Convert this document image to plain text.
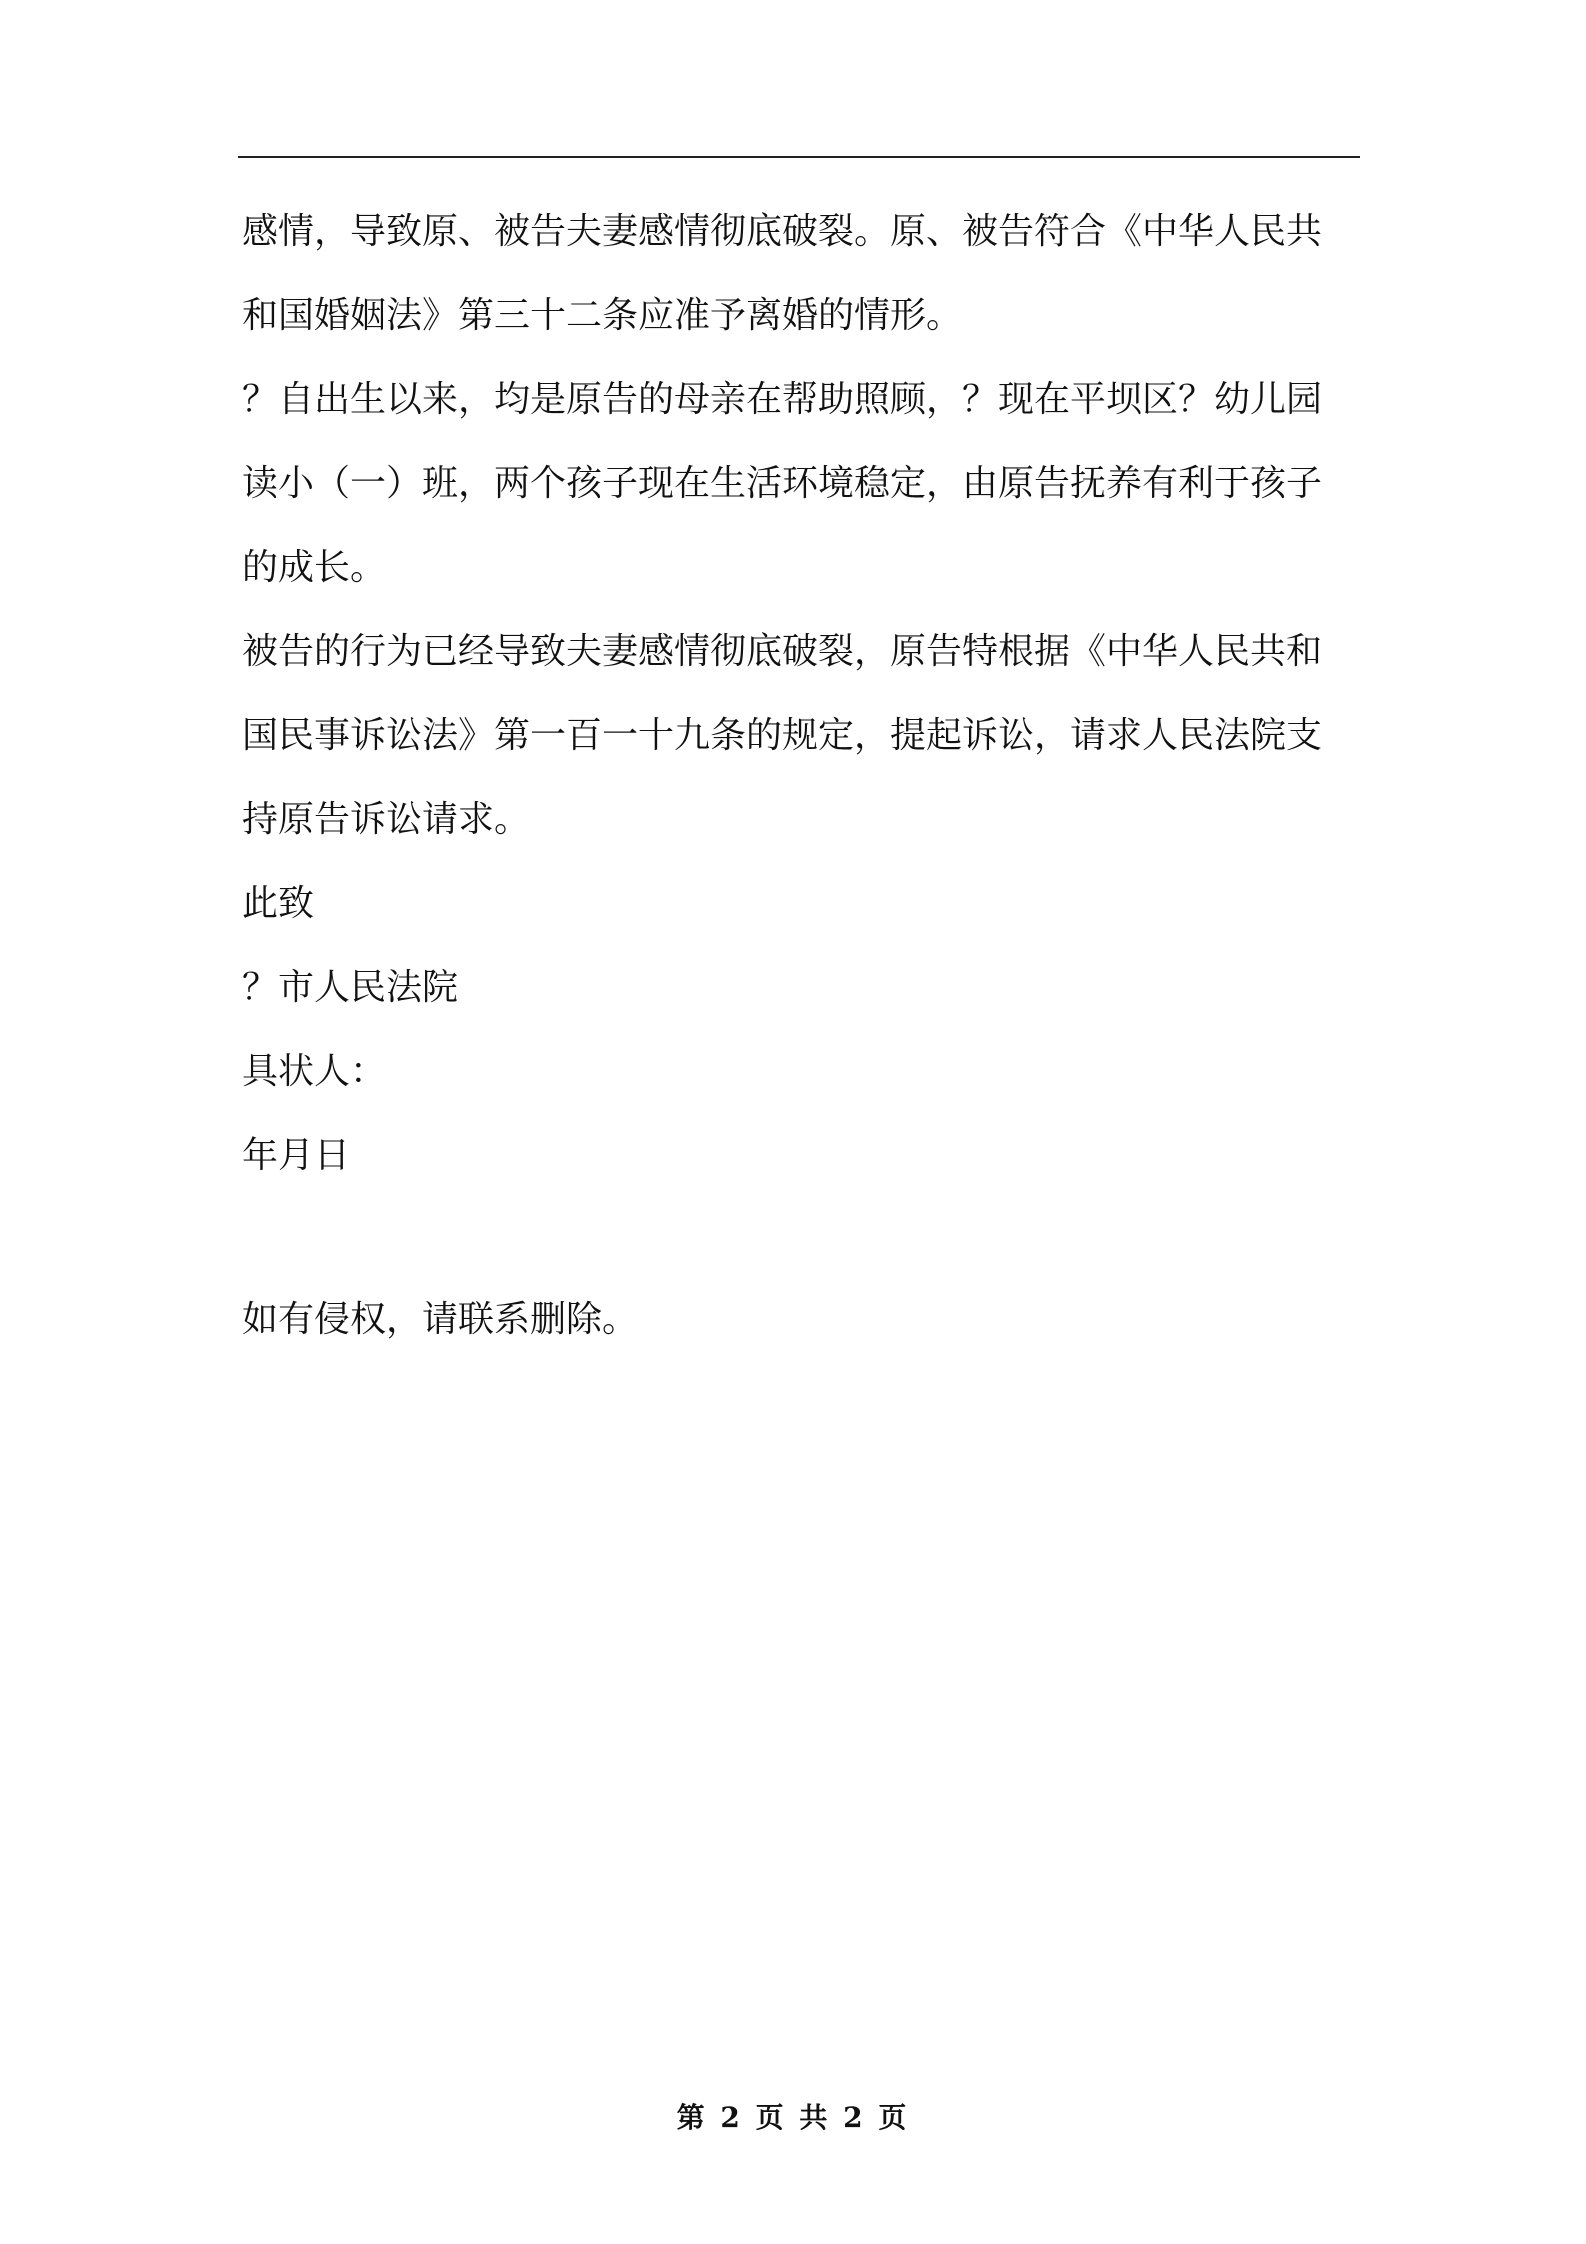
感情，导致原、被告夫妻感情彻底破裂。原、被告符合《中华人民共
和国婚姻法》第三十二条应准予离婚的情形。
？自出生以来，均是原告的母亲在帮助照顾，？现在平坝区？幼儿园
读小（一）班，两个孩子现在生活环境稳定，由原告抚养有利于孩子
的成长。
被告的行为已经导致夫妻感情彻底破裂，原告特根据《中华人民共和
国民事诉讼法》第一百一十九条的规定，提起诉讼，请求人民法院支
持原告诉讼请求。
此致
？市人民法院
具状人：
年月日
如有侵权，请联系删除。
第 2 页 共 2 页
